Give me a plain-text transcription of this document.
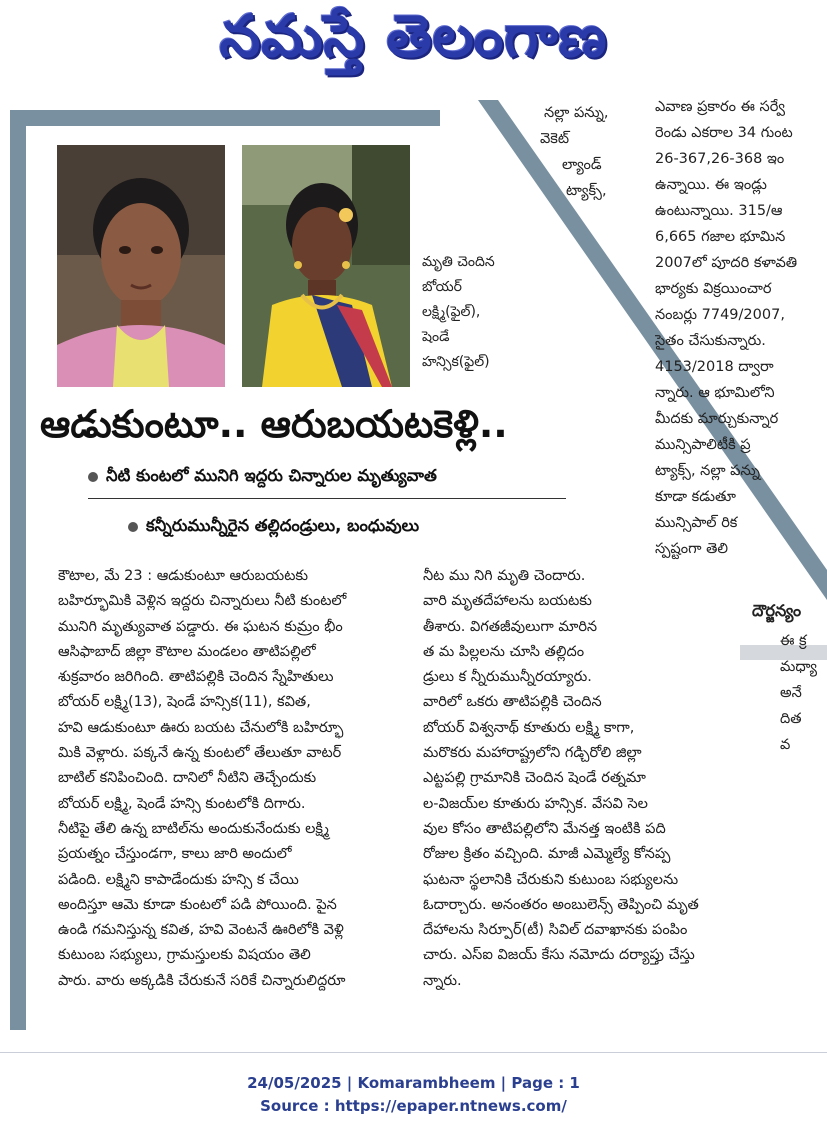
నమస్తే తెలంగాణ
నల్లా పన్ను,
వెకెట్
ల్యాండ్
ట్యాక్స్,
ఎవాణ ప్రకారం ఈ సర్వే
రెండు ఎకరాల 34 గుంట
26-367,26-368 ఇం
ఉన్నాయి. ఈ ఇండ్లు
ఉంటున్నాయి. 315/ఆ
6,665 గజాల భూమిన
2007లో పూదరి కళావతి
భార్యకు విక్రయించార
నంబర్లు 7749/2007,
సైతం చేసుకున్నారు.
4153/2018 ద్వారా
న్నారు. ఆ భూమిలోని
మీదకు మార్చుకున్నార
మున్సిపాలిటీకి ప్ర
ట్యాక్స్, నల్లా పన్ను
కూడా కడుతూ
మున్సిపాల్ రిక
స్పష్టంగా తెలి
దౌర్జన్యం
ఈ క్ర
మధ్యా
అనే
దిత
వ
మృతి చెందిన
బోయర్
లక్ష్మి(ఫైల్),
షెండే
హన్సిక(ఫైల్)
ఆడుకుంటూ.. ఆరుబయటకెళ్లి..
నీటి కుంటలో మునిగి ఇద్దరు చిన్నారుల మృత్యువాత
కన్నీరుమున్నీరైన తల్లిదండ్రులు, బంధువులు
కౌటాల, మే 23 : ఆడుకుంటూ ఆరుబయటకు
బహిర్భూమికి వెళ్లిన ఇద్దరు చిన్నారులు నీటి కుంటలో
మునిగి మృత్యువాత పడ్డారు. ఈ ఘటన కుమ్రం భీం
ఆసిఫాబాద్ జిల్లా కౌటాల మండలం తాటిపల్లిలో
శుక్రవారం జరిగింది. తాటిపల్లికి చెందిన స్నేహితులు
బోయర్ లక్ష్మి(13), షెండే హన్సిక(11), కవిత,
హవి ఆడుకుంటూ ఊరు బయట చేనులోకి బహిర్భూ
మికి వెళ్లారు. పక్కనే ఉన్న కుంటలో తేలుతూ వాటర్
బాటిల్ కనిపించింది. దానిలో నీటిని తెచ్చేందుకు
బోయర్ లక్ష్మి, షెండే హన్సి కుంటలోకి దిగారు.
నీటిపై తేలి ఉన్న బాటిల్‌ను అందుకునేందుకు లక్ష్మి
ప్రయత్నం చేస్తుండగా, కాలు జారి అందులో
పడింది. లక్ష్మిని కాపాడేందుకు హన్సి క చేయి
అందిస్తూ ఆమె కూడా కుంటలో పడి పోయింది. పైన
ఉండి గమనిస్తున్న కవిత, హవి వెంటనే ఊరిలోకి వెళ్లి
కుటుంబ సభ్యులు, గ్రామస్తులకు విషయం తెలి
పారు. వారు అక్కడికి చేరుకునే సరికే చిన్నారులిద్దరూ
నీట ము నిగి మృతి చెందారు.
వారి మృతదేహాలను బయటకు
తీశారు. విగతజీవులుగా మారిన
త మ పిల్లలను చూసి తల్లిదం
డ్రులు క న్నీరుమున్నీరయ్యారు.
వారిలో ఒకరు తాటిపల్లికి చెందిన
బోయర్ విశ్వనాథ్ కూతురు లక్ష్మి కాగా,
మరొకరు మహారాష్ట్రలోని గడ్చిరోలి జిల్లా
ఎట్టపల్లి గ్రామానికి చెందిన షెండే రత్నమా
ల-విజయ్‌ల కూతురు హన్సిక. వేసవి సెల
వుల కోసం తాటిపల్లిలోని మేనత్త ఇంటికి పది
రోజుల క్రితం వచ్చింది. మాజీ ఎమ్మెల్యే కోనప్ప
ఘటనా స్థలానికి చేరుకుని కుటుంబ సభ్యులను
ఓదార్చారు. అనంతరం అంబులెన్స్ తెప్పించి మృత
దేహాలను సిర్పూర్(టీ) సివిల్ దవాఖానకు పంపిం
చారు. ఎస్ఐ విజయ్ కేసు నమోదు దర్యాప్తు చేస్తు
న్నారు.
24/05/2025 | Komarambheem | Page : 1
Source : https://epaper.ntnews.com/
